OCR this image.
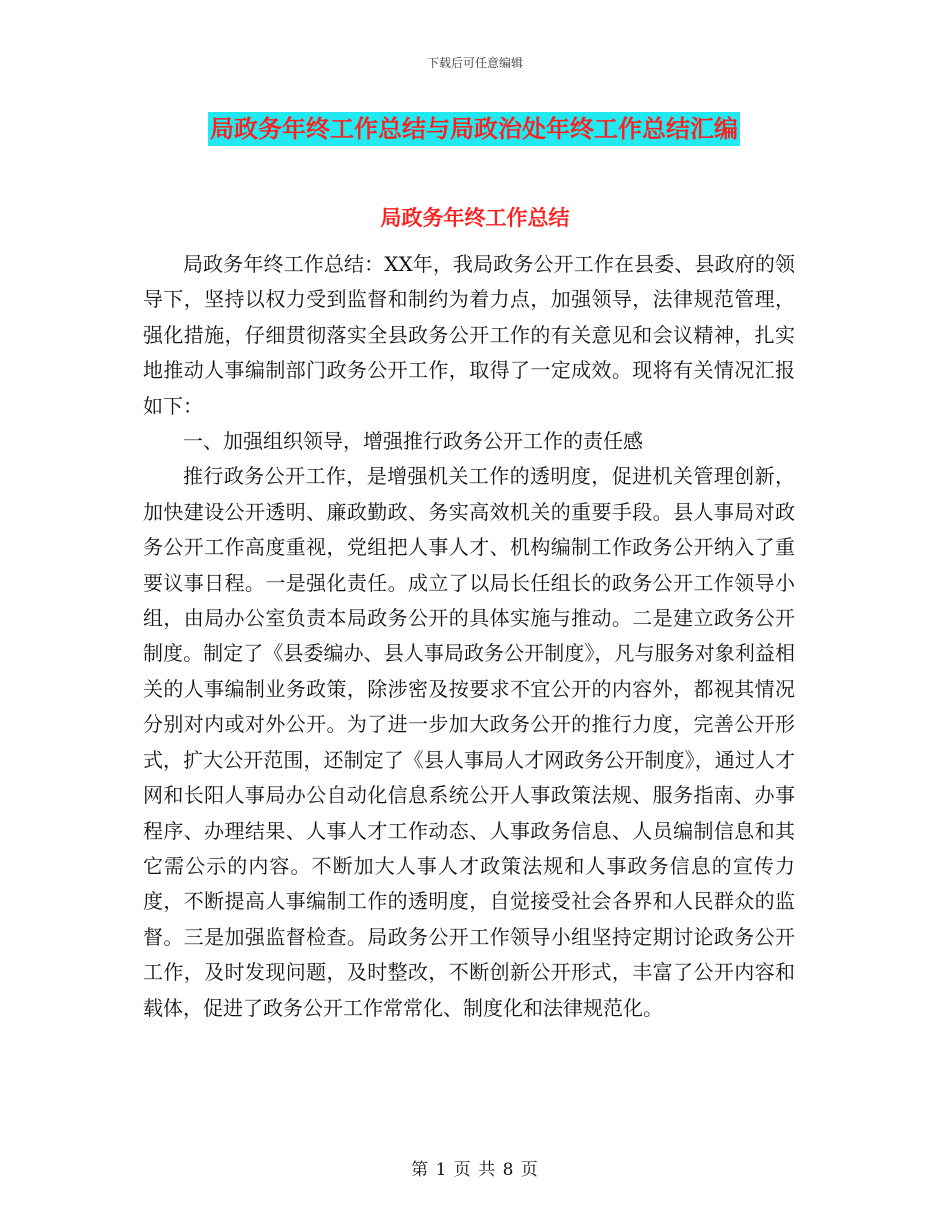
下载后可任意编辑
局政务年终工作总结与局政治处年终工作总结汇编
局政务年终工作总结

局政务年终工作总结：XX年，我局政务公开工作在县委、县政府的领导下，坚持以权力受到监督和制约为着力点，加强领导，法律规范管理，强化措施，仔细贯彻落实全县政务公开工作的有关意见和会议精神，扎实地推动人事编制部门政务公开工作，取得了一定成效。现将有关情况汇报如下：

一、加强组织领导，增强推行政务公开工作的责任感

推行政务公开工作，是增强机关工作的透明度，促进机关管理创新，加快建设公开透明、廉政勤政、务实高效机关的重要手段。县人事局对政务公开工作高度重视，党组把人事人才、机构编制工作政务公开纳入了重要议事日程。一是强化责任。成立了以局长任组长的政务公开工作领导小组，由局办公室负责本局政务公开的具体实施与推动。二是建立政务公开制度。制定了《县委编办、县人事局政务公开制度》，凡与服务对象利益相关的人事编制业务政策，除涉密及按要求不宜公开的内容外，都视其情况分别对内或对外公开。为了进一步加大政务公开的推行力度，完善公开形式，扩大公开范围，还制定了《县人事局人才网政务公开制度》，通过人才网和长阳人事局办公自动化信息系统公开人事政策法规、服务指南、办事程序、办理结果、人事人才工作动态、人事政务信息、人员编制信息和其它需公示的内容。不断加大人事人才政策法规和人事政务信息的宣传力度，不断提高人事编制工作的透明度，自觉接受社会各界和人民群众的监督。三是加强监督检查。局政务公开工作领导小组坚持定期讨论政务公开工作，及时发现问题，及时整改，不断创新公开形式，丰富了公开内容和载体，促进了政务公开工作常常化、制度化和法律规范化。

第 1 页 共 8 页
